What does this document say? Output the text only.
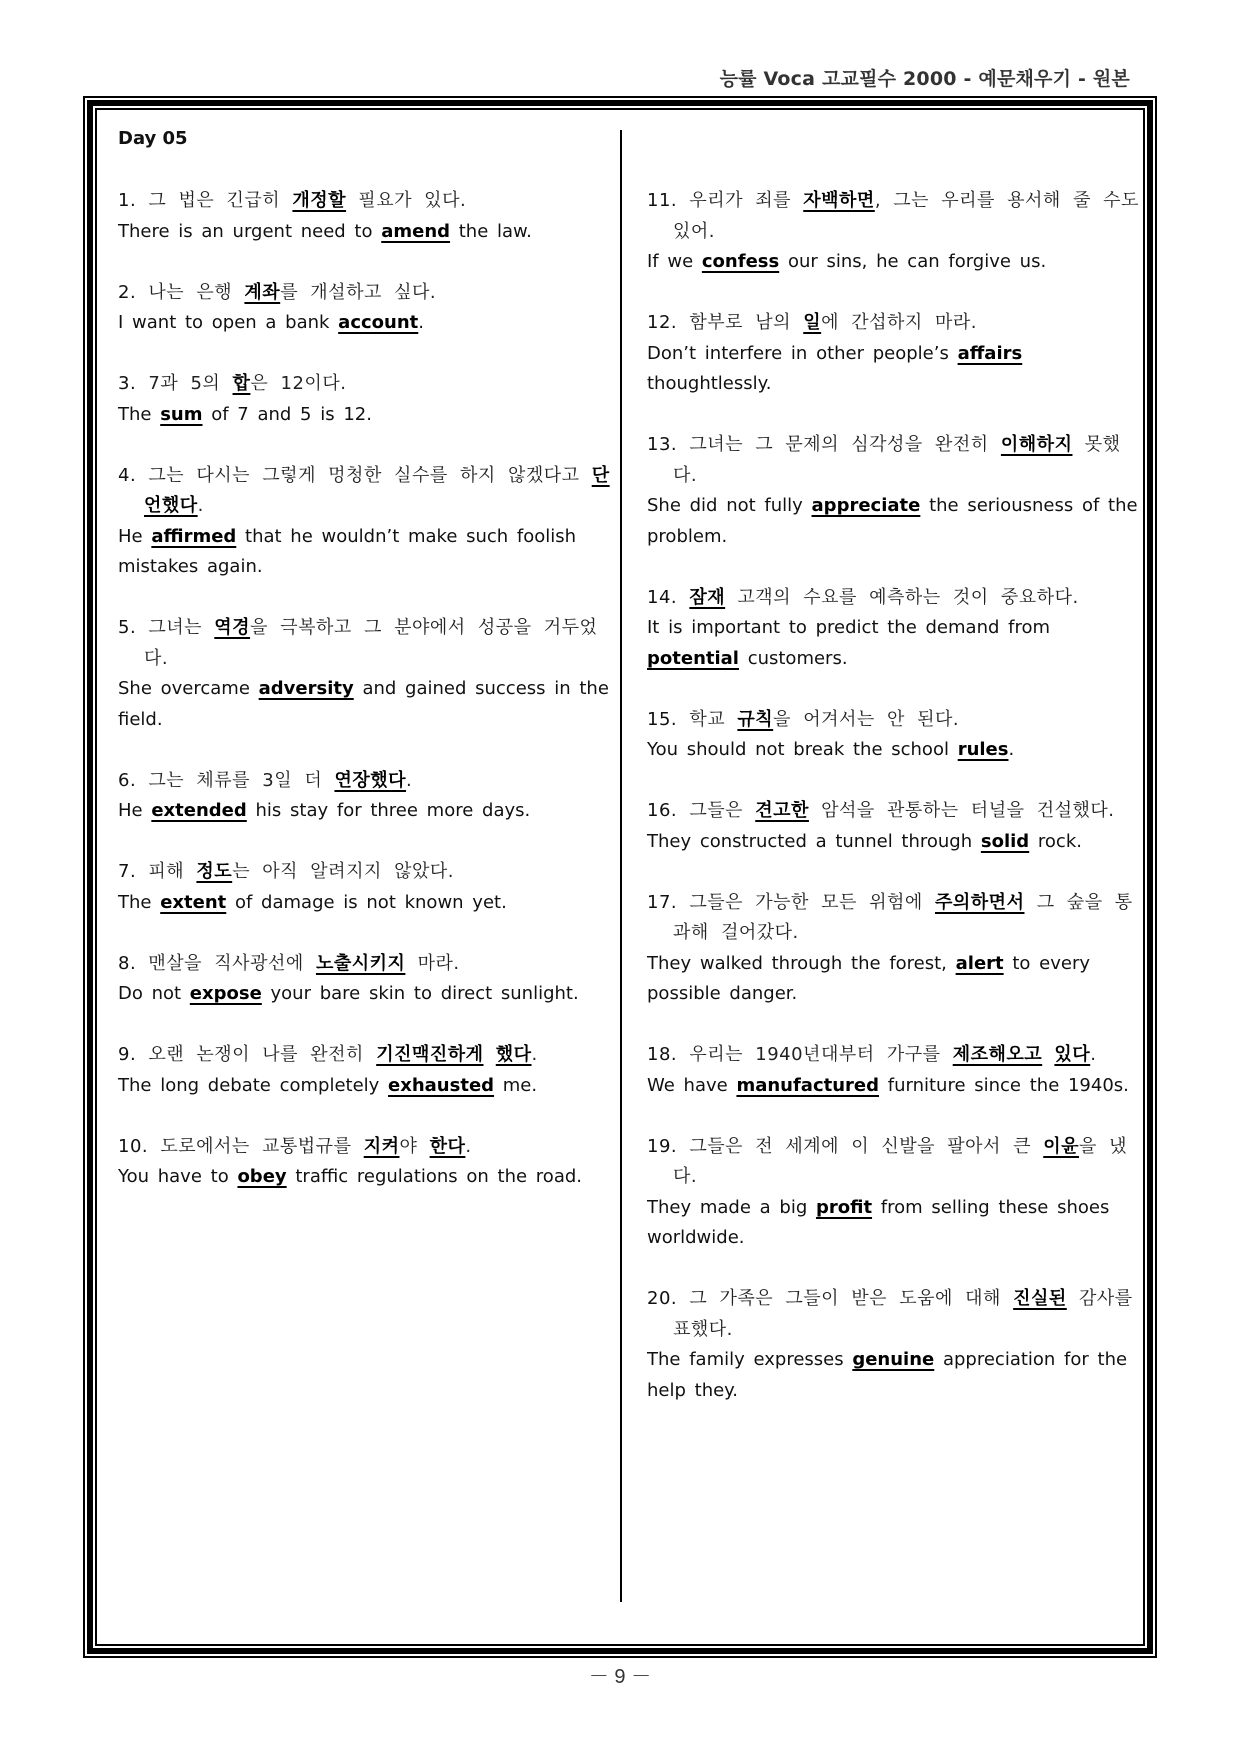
능률 Voca 고교필수 2000 - 예문채우기 - 원본
Day 05
1. 그 법은 긴급히 개정할 필요가 있다.
There is an urgent need to amend the law.
2. 나는 은행 계좌를 개설하고 싶다.
I want to open a bank account.
3. 7과 5의 합은 12이다.
The sum of 7 and 5 is 12.
4. 그는 다시는 그렇게 멍청한 실수를 하지 않겠다고 단언했다.
He affirmed that he wouldn’t make such foolish mistakes again.
5. 그녀는 역경을 극복하고 그 분야에서 성공을 거두었다.
She overcame adversity and gained success in the field.
6. 그는 체류를 3일 더 연장했다.
He extended his stay for three more days.
7. 피해 정도는 아직 알려지지 않았다.
The extent of damage is not known yet.
8. 맨살을 직사광선에 노출시키지 마라.
Do not expose your bare skin to direct sunlight.
9. 오랜 논쟁이 나를 완전히 기진맥진하게 했다.
The long debate completely exhausted me.
10. 도로에서는 교통법규를 지켜야 한다.
You have to obey traffic regulations on the road.
11. 우리가 죄를 자백하면, 그는 우리를 용서해 줄 수도 있어.
If we confess our sins, he can forgive us.
12. 함부로 남의 일에 간섭하지 마라.
Don’t interfere in other people’s affairs thoughtlessly.
13. 그녀는 그 문제의 심각성을 완전히 이해하지 못했다.
She did not fully appreciate the seriousness of the problem.
14. 잠재 고객의 수요를 예측하는 것이 중요하다.
It is important to predict the demand from potential customers.
15. 학교 규칙을 어겨서는 안 된다.
You should not break the school rules.
16. 그들은 견고한 암석을 관통하는 터널을 건설했다.
They constructed a tunnel through solid rock.
17. 그들은 가능한 모든 위험에 주의하면서 그 숲을 통과해 걸어갔다.
They walked through the forest, alert to every possible danger.
18. 우리는 1940년대부터 가구를 제조해오고 있다.
We have manufactured furniture since the 1940s.
19. 그들은 전 세계에 이 신발을 팔아서 큰 이윤을 냈다.
They made a big profit from selling these shoes worldwide.
20. 그 가족은 그들이 받은 도움에 대해 진실된 감사를 표했다.
The family expresses genuine appreciation for the help they.
－ 9 －
